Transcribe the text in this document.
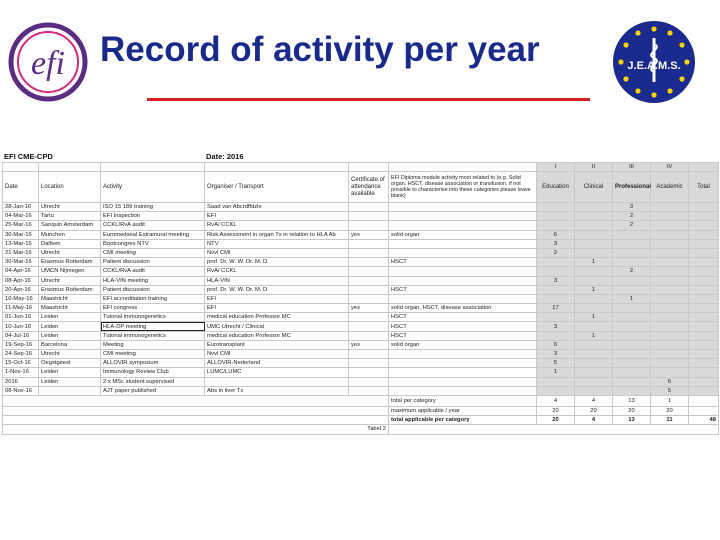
efi	J.E.A.M.S.
Record of activity per year
EFI CME-CPD	Date: 2016
						I	II	III	IV	
Date	Location	Activity	Organiser / Transport	Certificate of attendance available	EFI Diploma module activity most related to (e.g. Solid organ, HSCT, disease association or transfusion, if not possible to characterise into these categories please leave blank)	Education	Clinical	Professional	Academic	Total
28-Jan-16	Utrecht	ISO 15 189 training	Saad van Abcrdffdzle					3		
04-Mar-16	Tartu	EFI Inspection	EFI					2		
25-Mar-16	Sanquin Amsterdam	CCKL/RvA audit	RvA/ CCKL					2		
30-Mar-16	Munchen	Euromedseal Extramural meeting	Risk Assessment in organ Tx in relation to HLA Ab	yes	solid organ	6				
13-Mar-16	Dalfsen	Bootcongres NTV	NTV			3				
21-Mar-16	Utrecht	CMI meeting	Nvvl CMI			2				
30-Mar-16	Erasmus Rotterdam	Patient discussion	prof. Dr. W. W. Dr. M. D.		HSCT		1			
04-Apr-16	UMCN Nijmegen	CCKL/RvA audit	RvA/ CCKL					2		
08-Apr-16	Utrecht	HLA-VIN meeting	HLA-VIN			3				
20-Apr-16	Erasmus Rotterdam	Patient discussion	prof. Dr. W. W. Dr. M. D.		HSCT		1			
10-May-16	Maastricht	EFI accreditation training	EFI					1		
11-May-16	Maastricht	EFI congress	EFI	yes	solid organ, HSCT, disease association	17				
01-Jun-16	Leiden	Tutorial immunogenetics	medical education Professor MC		HSCT		1			
10-Jun-16	Leiden	HLA-DP meeting	UMC Utrecht / Clinical		HSCT	3				
04-Jul-16	Leiden	Tutorial immunogenetics	medical education Professor MC		HSCT		1			
19-Sep-16	Barcelona	Meeting	Eurotransplant	yes	solid organ	6				
24-Sep-16	Utrecht	CMI meeting	Nvvl CMI			3				
15-Oct-16	Oegstgeest	ALLOVIR symposium	ALLOVIR-Nederland			5				
1-Nov-16	Leiden	Immunology Review Club	LUMC/LUMC			1				
2016	Leiden	2 x MSc student supervised							6	
08-Nov-16		AJT paper published	Abs in liver Tx						5	
					total per category	4	4	13	1	
					maximum applicable / year	20	20	20	20	
					total applicable per category	20	4	13	11	48
Tabel 2										
